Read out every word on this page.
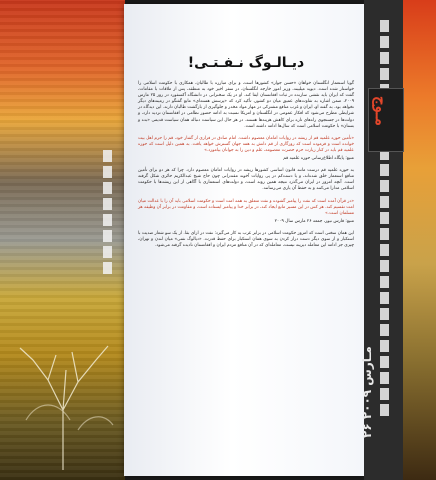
مـوج
۲۶ مـارس ۲۰۰۹
دیـالـوگ نـفـتـی!

گویا استعمار انگلستان خواهان «حسن جوار» کشورها است، و برای مبارزه با طالبان، همکاری با حکومت اسلامی را خواستار شده است. دیوید میلیبند، وزیر امور خارجه انگلستان، در سفر اخیر خود به منطقه، پس از ملاقات با مقامات، گفت که ایران باید نقشی سازنده در ثبات افغانستان ایفا کند. او در یک سخنرانی در دانشگاه آکسفورد در روز ۲۵ مارس ۲۰۰۹، ضمن اشاره به تفاوت‌های عمیق میان دو کشور، تأکید کرد که «پرسش هسته‌ای» مانع گفتگو در زمینه‌های دیگر نخواهد بود. به گفته او، ایران و غرب منافع مشترکی در مهار مواد مخدر و جلوگیری از بازگشت طالبان دارند. این دیدگاه در شرایطی مطرح می‌شود که افکار عمومی در انگلستان و امریکا نسبت به ادامه حضور نظامی در افغانستان تردید دارد، و دولت‌ها در جستجوی راه‌های تازه برای کاهش هزینه‌ها هستند. در هر حال این سیاست دنباله همان سیاست قدیمی «بده و بستان» با حکومت اسلامی است که سال‌ها ادامه داشته است.

«تأمین حوزه علمیه قم از ریشه در روایات امامان معصوم داشت. امام صادق در فرازی از گفتار خود، قم را حرم اهل بیت خوانده است و فرموده است که روزگاری از قم دانش به همه جهان گسترش خواهد یافت. به همین دلیل است که حوزه علمیه قم باید در کنار زیارت حرم حضرت معصومه، علم و دین را به جوانان بیاموزد.»

منبع: پایگاه اطلاع‌رسانی حوزه علمیه قم

به حوزه علمیه قم درست مانند قانون اساسی کشورها ریشه در روایات امامان معصوم دارد. چرا که هر دو برای تأمین منافع استعمار خلق شده‌اند، و یا دست‌کم در پی روایات آخوند مقتدرانی چون حاج شیخ عبدالکریم حائری شکل گرفته است. آنچه امروز در ایران می‌گذرد نتیجه همین روند است، و دولت‌های استعماری با آگاهی از این ریشه‌ها با حکومت اسلامی مدارا می‌کنند و به حفظ آن یاری می‌رسانند.

«در قرآن آمده است که نفت را پیامبر گشوده و نفت متعلق به همه امت است و حکومت اسلامی باید آن را با عدالت میان امت تقسیم کند. هر کس در این مسیر مانع ایجاد کند، در برابر خدا و پیامبر ایستاده است، و مقاومت در برابر آن وظیفه هر مسلمان است.»

منبع: فارس نیوز، جمعه ۲۶ مارس سال ۲۰۰۹

این همان سخنی است که امروز حکومت اسلامی در برابر غرب به کار می‌گیرد: نفت در ازای بقا. از یک سو شعار ضدیت با استکبار و از سوی دیگر دست دراز کردن به سوی همان استکبار برای حفظ قدرت. «دیالوگ نفتی» میان لندن و تهران، چیزی جز ادامه این معامله دیرینه نیست، معامله‌ای که در آن منافع مردم ایران و افغانستان نادیده گرفته می‌شود.
